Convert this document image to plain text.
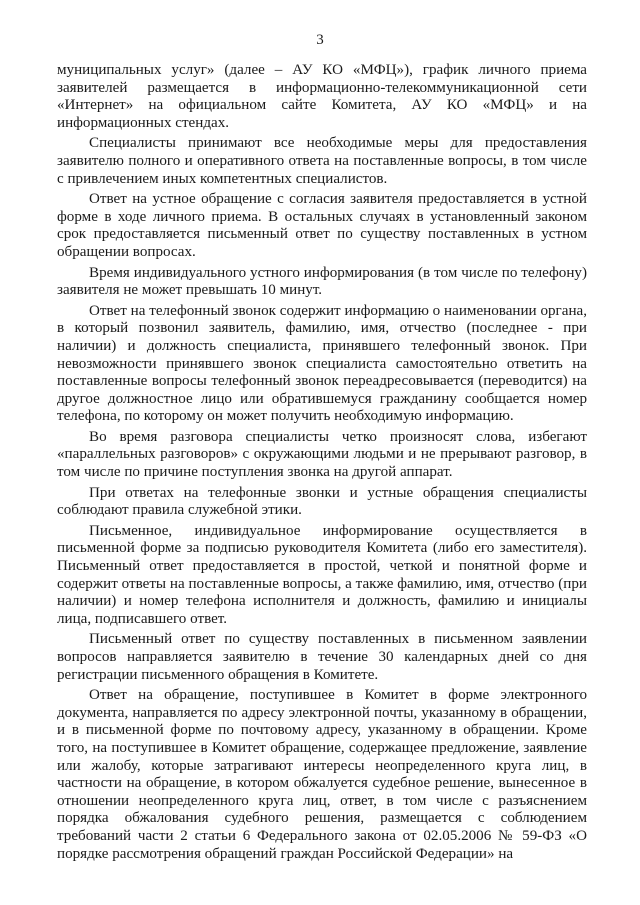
3

муниципальных услуг» (далее – АУ КО «МФЦ»), график личного приема заявителей размещается в информационно-телекоммуникационной сети «Интернет» на официальном сайте Комитета, АУ КО «МФЦ» и на информационных стендах.

Специалисты принимают все необходимые меры для предоставления заявителю полного и оперативного ответа на поставленные вопросы, в том числе с привлечением иных компетентных специалистов.

Ответ на устное обращение с согласия заявителя предоставляется в устной форме в ходе личного приема. В остальных случаях в установленный законом срок предоставляется письменный ответ по существу поставленных в устном обращении вопросах.

Время индивидуального устного информирования (в том числе по телефону) заявителя не может превышать 10 минут.

Ответ на телефонный звонок содержит информацию о наименовании органа, в который позвонил заявитель, фамилию, имя, отчество (последнее - при наличии) и должность специалиста, принявшего телефонный звонок. При невозможности принявшего звонок специалиста самостоятельно ответить на поставленные вопросы телефонный звонок переадресовывается (переводится) на другое должностное лицо или обратившемуся гражданину сообщается номер телефона, по которому он может получить необходимую информацию.

Во время разговора специалисты четко произносят слова, избегают «параллельных разговоров» с окружающими людьми и не прерывают разговор, в том числе по причине поступления звонка на другой аппарат.

При ответах на телефонные звонки и устные обращения специалисты соблюдают правила служебной этики.

Письменное, индивидуальное информирование осуществляется в письменной форме за подписью руководителя Комитета (либо его заместителя). Письменный ответ предоставляется в простой, четкой и понятной форме и содержит ответы на поставленные вопросы, а также фамилию, имя, отчество (при наличии) и номер телефона исполнителя и должность, фамилию и инициалы лица, подписавшего ответ.

Письменный ответ по существу поставленных в письменном заявлении вопросов направляется заявителю в течение 30 календарных дней со дня регистрации письменного обращения в Комитете.

Ответ на обращение, поступившее в Комитет в форме электронного документа, направляется по адресу электронной почты, указанному в обращении, и в письменной форме по почтовому адресу, указанному в обращении. Кроме того, на поступившее в Комитет обращение, содержащее предложение, заявление или жалобу, которые затрагивают интересы неопределенного круга лиц, в частности на обращение, в котором обжалуется судебное решение, вынесенное в отношении неопределенного круга лиц, ответ, в том числе с разъяснением порядка обжалования судебного решения, размещается с соблюдением требований части 2 статьи 6 Федерального закона от 02.05.2006 № 59-ФЗ «О порядке рассмотрения обращений граждан Российской Федерации» на
